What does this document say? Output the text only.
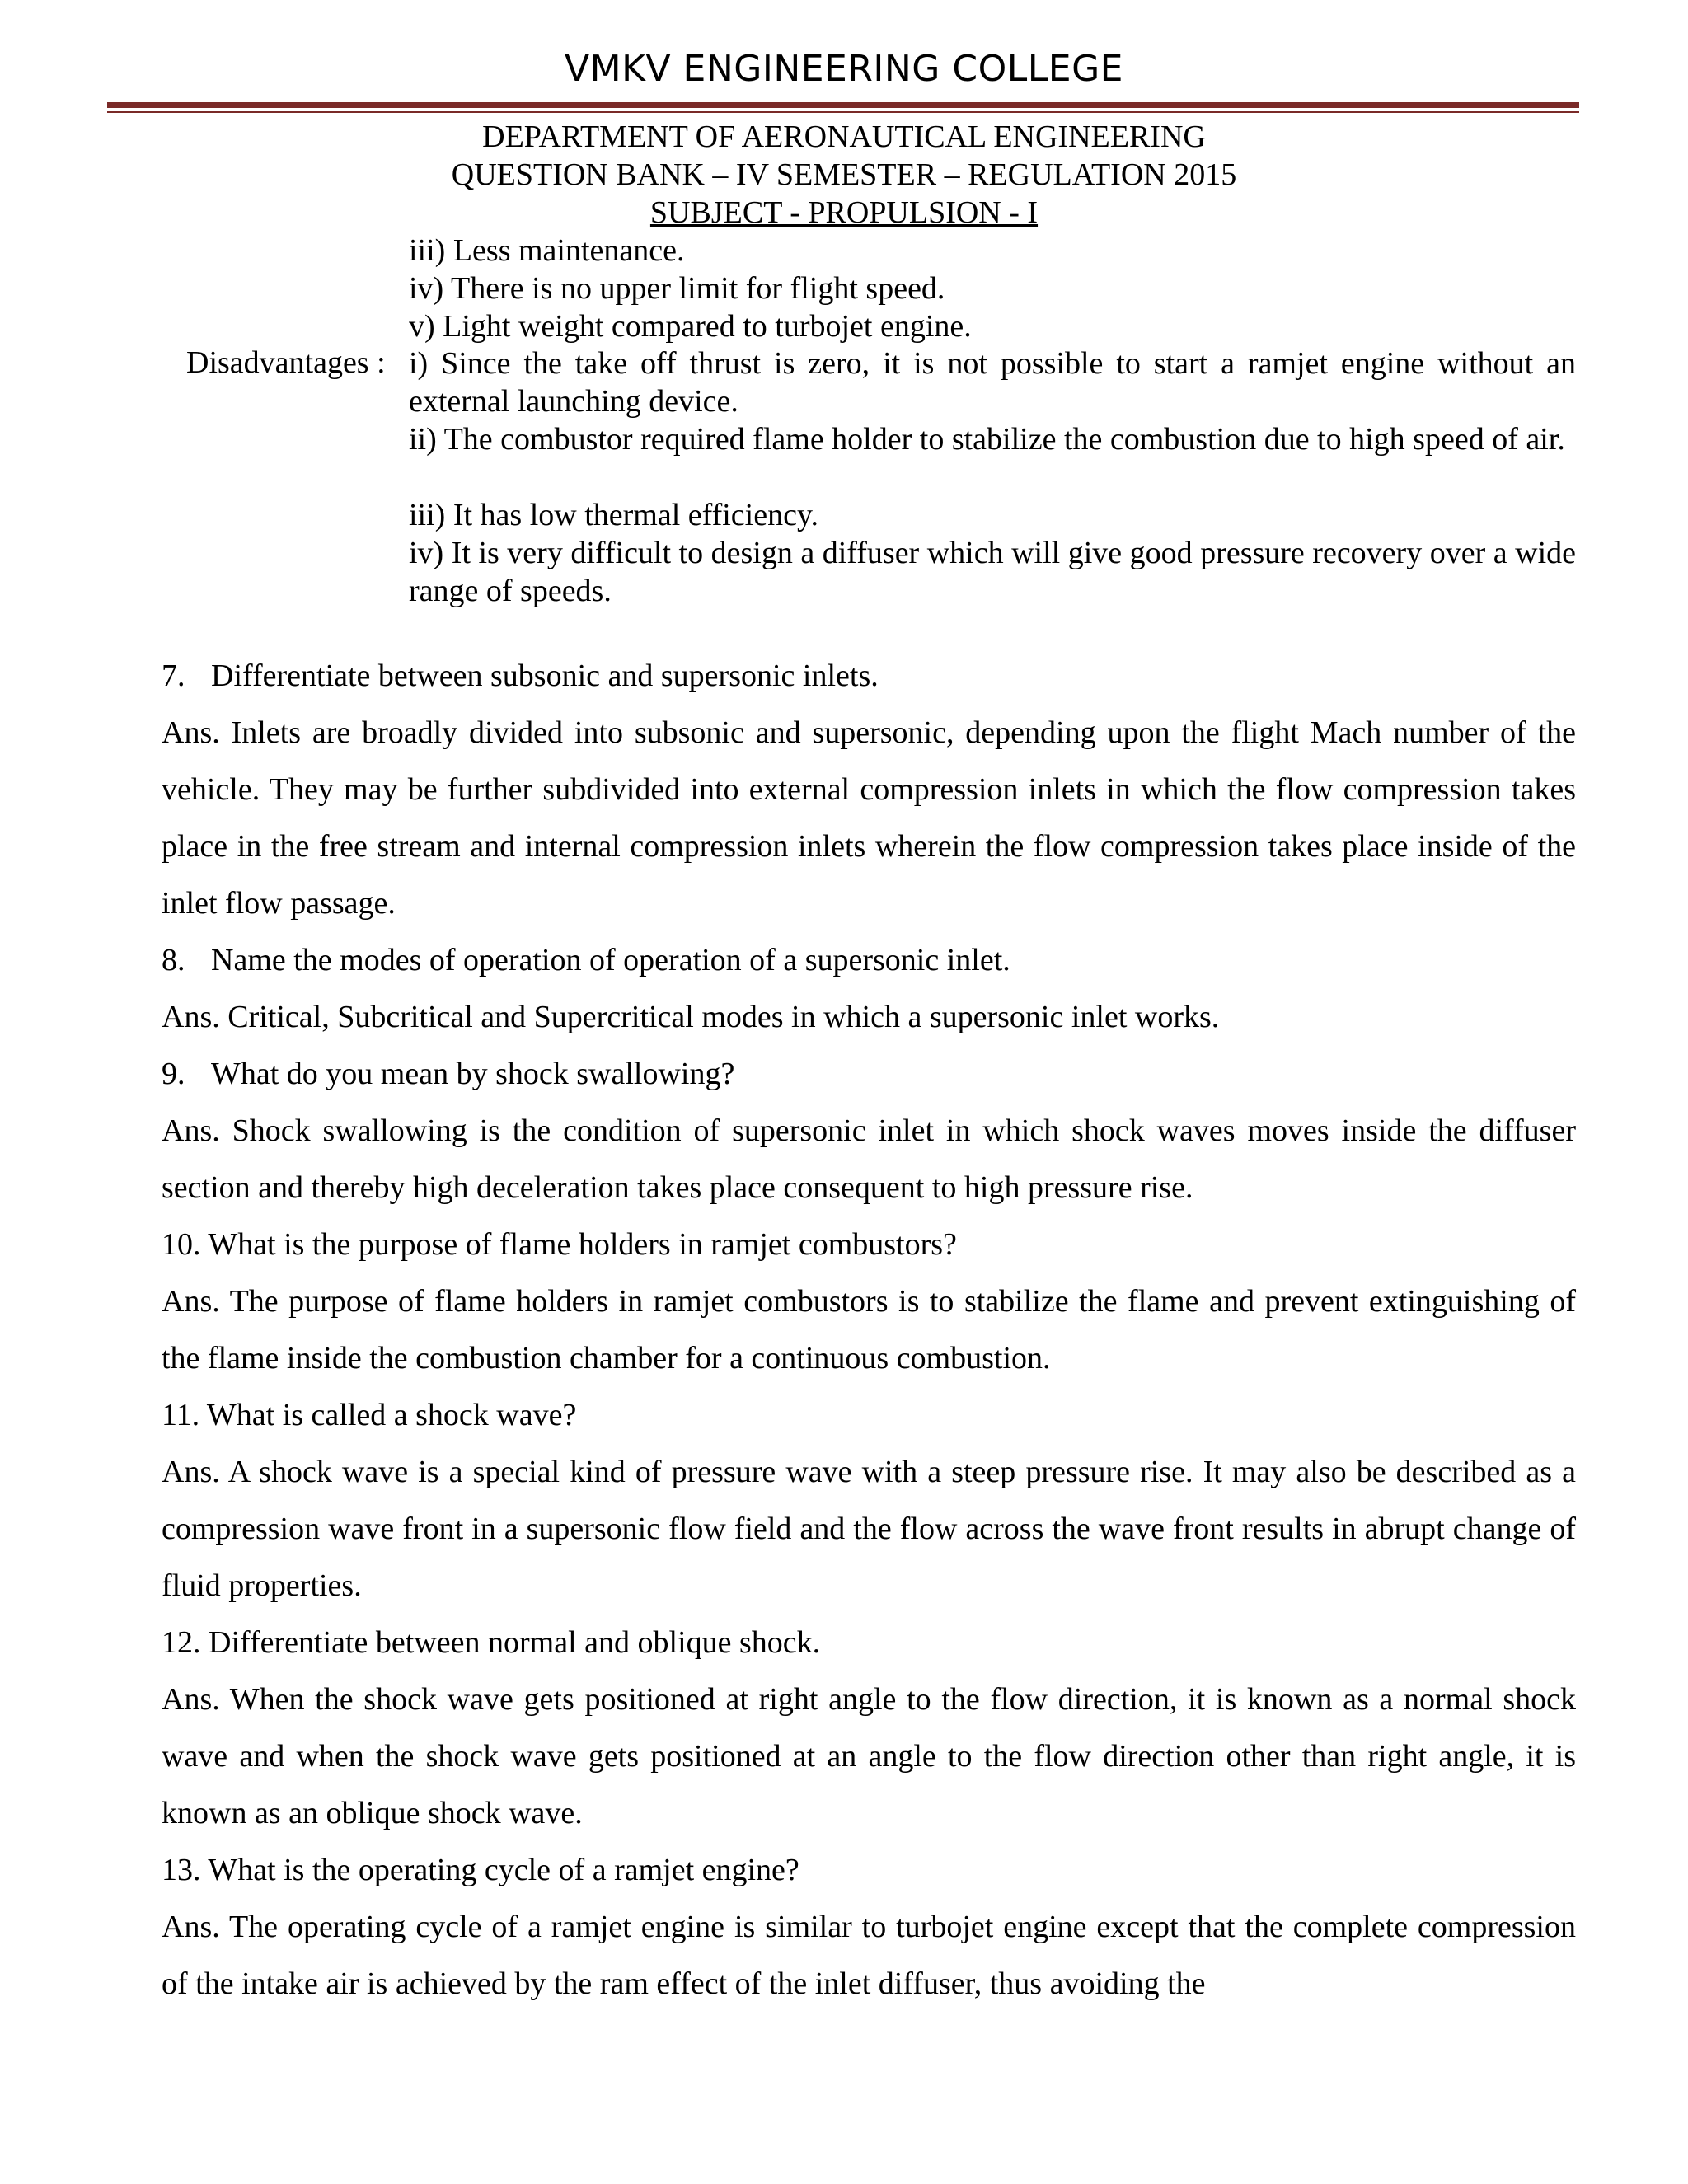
VMKV ENGINEERING COLLEGE
DEPARTMENT OF AERONAUTICAL ENGINEERING
QUESTION BANK – IV SEMESTER – REGULATION 2015
SUBJECT - PROPULSION - I
iii) Less maintenance.
iv) There is no upper limit for flight speed.
v) Light weight compared to turbojet engine.
Disadvantages : i) Since the take off thrust is zero, it is not possible to start a ramjet engine without an external launching device.
ii) The combustor required flame holder to stabilize the combustion due to high speed of air.
iii) It has low thermal efficiency.
iv) It is very difficult to design a diffuser which will give good pressure recovery over a wide range of speeds.

7. Differentiate between subsonic and supersonic inlets.

Ans. Inlets are broadly divided into subsonic and supersonic, depending upon the flight Mach number of the vehicle. They may be further subdivided into external compression inlets in which the flow compression takes place in the free stream and internal compression inlets wherein the flow compression takes place inside of the inlet flow passage.

8. Name the modes of operation of operation of a supersonic inlet.

Ans. Critical, Subcritical and Supercritical modes in which a supersonic inlet works.

9. What do you mean by shock swallowing?

Ans. Shock swallowing is the condition of supersonic inlet in which shock waves moves inside the diffuser section and thereby high deceleration takes place consequent to high pressure rise.

10. What is the purpose of flame holders in ramjet combustors?

Ans. The purpose of flame holders in ramjet combustors is to stabilize the flame and prevent extinguishing of the flame inside the combustion chamber for a continuous combustion.

11. What is called a shock wave?

Ans. A shock wave is a special kind of pressure wave with a steep pressure rise. It may also be described as a compression wave front in a supersonic flow field and the flow across the wave front results in abrupt change of fluid properties.

12. Differentiate between normal and oblique shock.

Ans. When the shock wave gets positioned at right angle to the flow direction, it is known as a normal shock wave and when the shock wave gets positioned at an angle to the flow direction other than right angle, it is known as an oblique shock wave.

13. What is the operating cycle of a ramjet engine?

Ans. The operating cycle of a ramjet engine is similar to turbojet engine except that the complete compression of the intake air is achieved by the ram effect of the inlet diffuser, thus avoiding the
